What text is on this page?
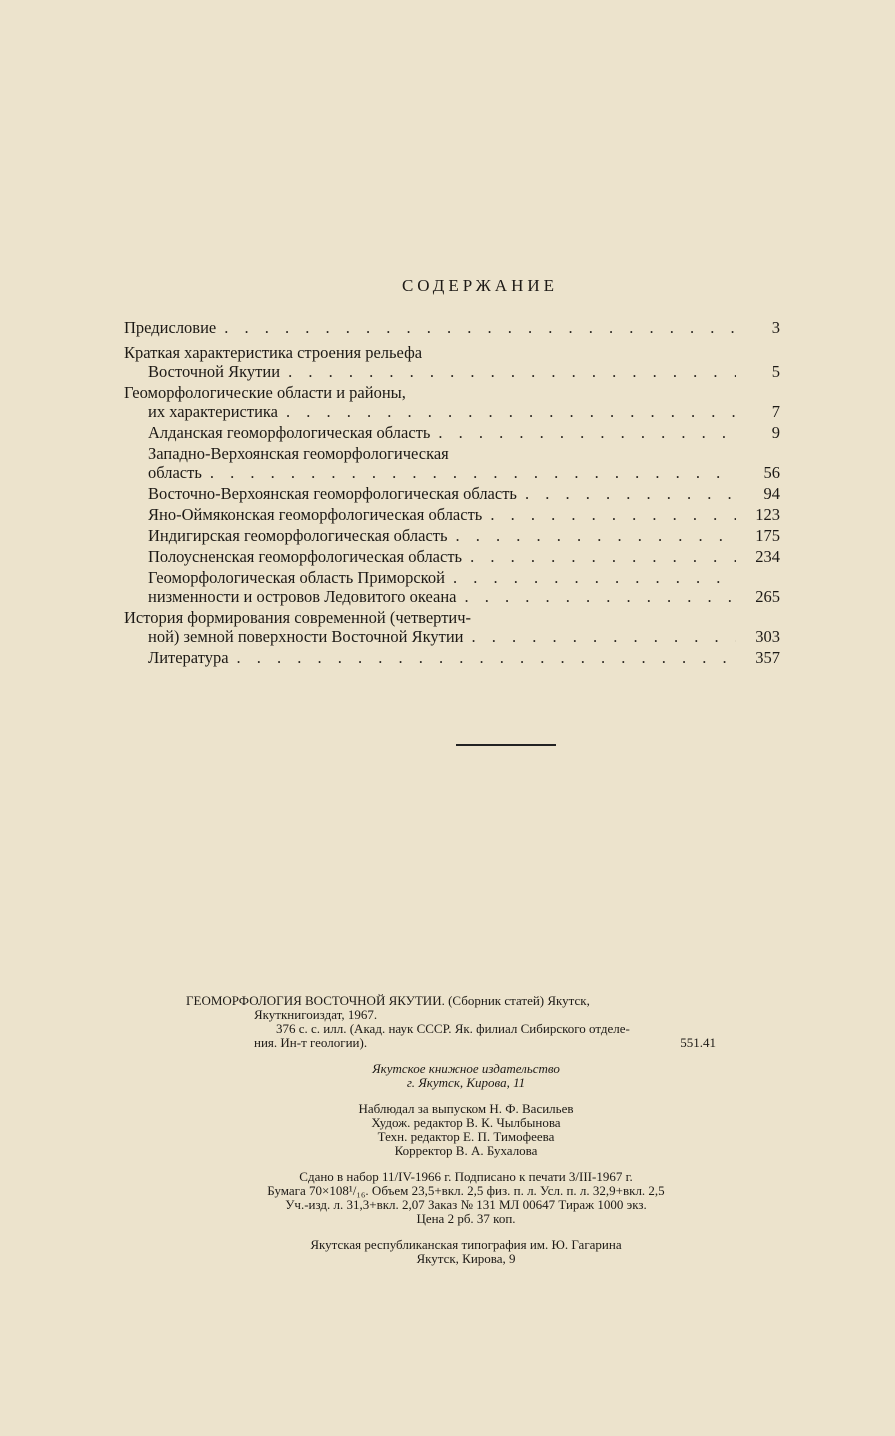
СОДЕРЖАНИЕ
Предисловие . . .	3
Краткая характеристика строения рельефа
Восточной Якутии . . .	5
Геоморфологические области и районы,
их характеристика . . .	7
Алданская геоморфологическая область . . .	9
Западно-Верхоянская геоморфологическая
область . . .	56
Восточно-Верхоянская геоморфологическая область . . .	94
Яно-Оймяконская геоморфологическая область . . .	123
Индигирская геоморфологическая область . . .	175
Полоусненская геоморфологическая область . . .	234
Геоморфологическая область Приморской
. . .
низменности и островов Ледовитого океана . . .	265
История формирования современной (четвертич-
ной) земной поверхности Восточной Якутии . . .	303
Литература . . .	357

ГЕОМОРФОЛОГИЯ ВОСТОЧНОЙ ЯКУТИИ. (Сборник статей) Якутск,

Якуткнигоиздат, 1967.

376 с. с. илл. (Акад. наук СССР. Як. филиал Сибирского отделе-

ния. Ин-т геологии).	551.41

Якутское книжное издательство

г. Якутск, Кирова, 11

Наблюдал за выпуском Н. Ф. Васильев

Худож. редактор В. К. Чылбынова

Техн. редактор Е. П. Тимофеева

Корректор В. А. Бухалова

Сдано в набор 11/IV-1966 г. Подписано к печати 3/III-1967 г.

Бумага 70×108¹/₁₆. Объем 23,5+вкл. 2,5 физ. п. л. Усл. п. л. 32,9+вкл. 2,5

Уч.-изд. л. 31,3+вкл. 2,07 Заказ № 131 МЛ 00647 Тираж 1000 экз.

Цена 2 рб. 37 коп.

Якутская республиканская типография им. Ю. Гагарина

Якутск, Кирова, 9
